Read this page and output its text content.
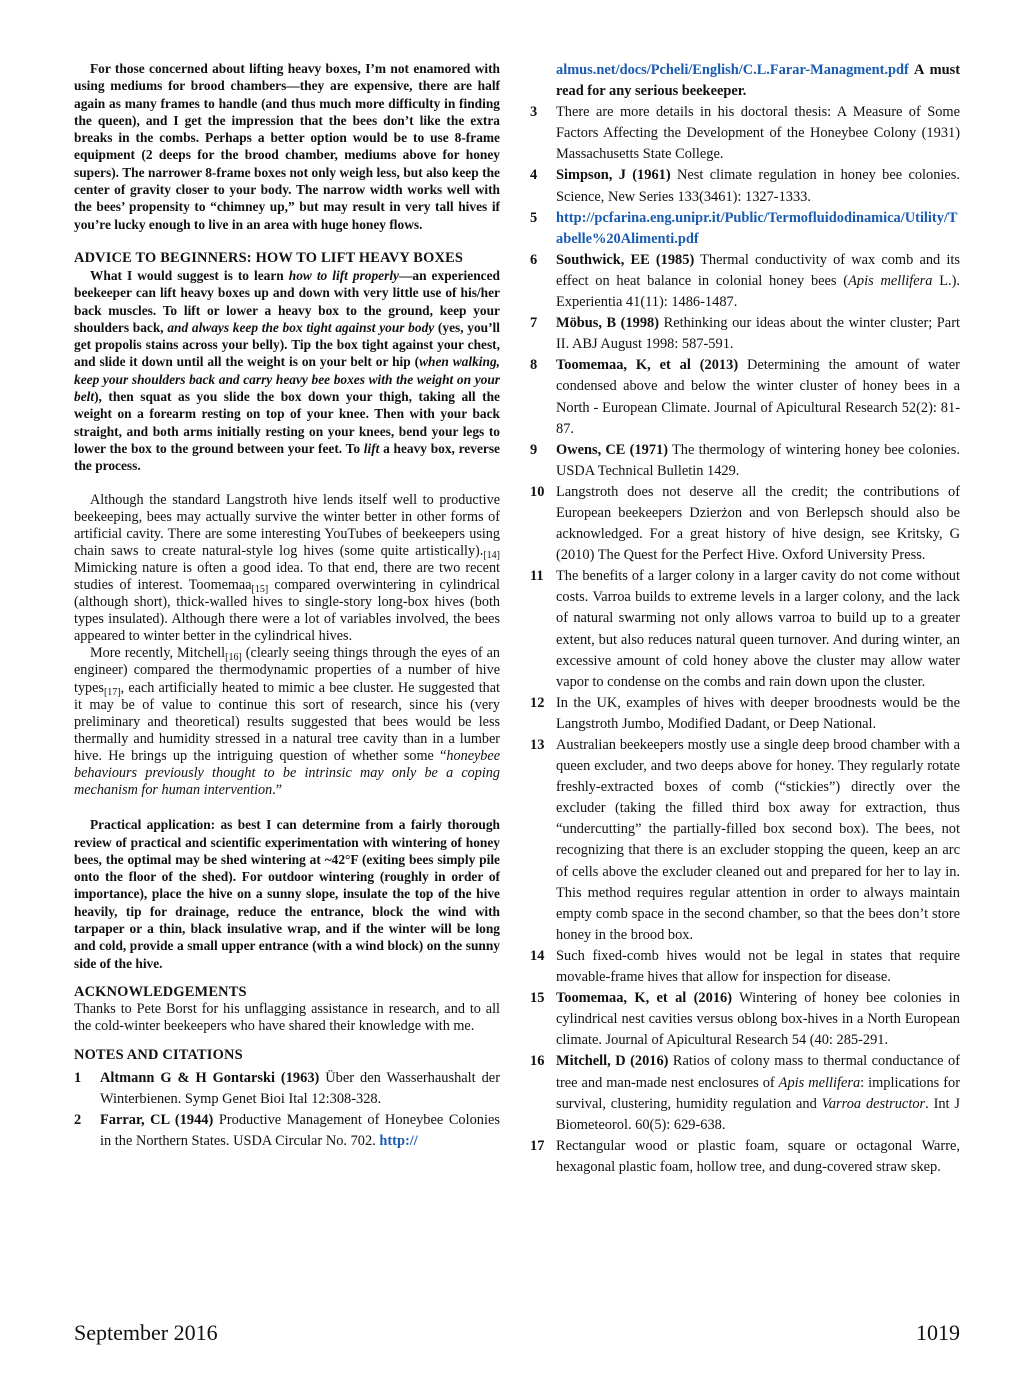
For those concerned about lifting heavy boxes, I’m not enamored with using mediums for brood chambers—they are expensive, there are half again as many frames to handle (and thus much more difficulty in finding the queen), and I get the impression that the bees don’t like the extra breaks in the combs. Perhaps a better option would be to use 8-frame equipment (2 deeps for the brood chamber, mediums above for honey supers). The narrower 8-frame boxes not only weigh less, but also keep the center of gravity closer to your body. The narrow width works well with the bees’ propensity to “chimney up,” but may result in very tall hives if you’re lucky enough to live in an area with huge honey flows.

ADVICE TO BEGINNERS: HOW TO LIFT HEAVY BOXES

What I would suggest is to learn how to lift properly—an experienced beekeeper can lift heavy boxes up and down with very little use of his/her back muscles. To lift or lower a heavy box to the ground, keep your shoulders back, and always keep the box tight against your body (yes, you’ll get propolis stains across your belly). Tip the box tight against your chest, and slide it down until all the weight is on your belt or hip (when walking, keep your shoulders back and carry heavy bee boxes with the weight on your belt), then squat as you slide the box down your thigh, taking all the weight on a forearm resting on top of your knee. Then with your back straight, and both arms initially resting on your knees, bend your legs to lower the box to the ground between your feet. To lift a heavy box, reverse the process.

Although the standard Langstroth hive lends itself well to productive beekeeping, bees may actually survive the winter better in other forms of artificial cavity. There are some interesting YouTubes of beekeepers using chain saws to create natural-style log hives (some quite $artistically)._{[14]}$ Mimicking nature is often a good idea. To that end, there are two recent studies of interest. Toomemaa$_{[15]}$ compared overwintering in cylindrical (although short), thick-walled hives to single-story long-box hives (both types insulated). Although there were a lot of variables involved, the bees appeared to winter better in the cylindrical hives.

More recently, Mitchell$_{[16]}$ (clearly seeing things through the eyes of an engineer) compared the thermodynamic properties of a number of hive types$_{[17]}$, each artificially heated to mimic a bee cluster. He suggested that it may be of value to continue this sort of research, since his (very preliminary and theoretical) results suggested that bees would be less thermally and humidity stressed in a natural tree cavity than in a lumber hive. He brings up the intriguing question of whether some “honeybee behaviours previously thought to be intrinsic may only be a coping mechanism for human intervention.”

Practical application: as best I can determine from a fairly thorough review of practical and scientific experimentation with wintering of honey bees, the optimal may be shed wintering at ~42°F (exiting bees simply pile onto the floor of the shed). For outdoor wintering (roughly in order of importance), place the hive on a sunny slope, insulate the top of the hive heavily, tip for drainage, reduce the entrance, block the wind with tarpaper or a thin, black insulative wrap, and if the winter will be long and cold, provide a small upper entrance (with a wind block) on the sunny side of the hive.

ACKNOWLEDGEMENTS

Thanks to Pete Borst for his unflagging assistance in research, and to all the cold-winter beekeepers who have shared their knowledge with me.

NOTES AND CITATIONS

1	Altmann G & H Gontarski (1963) Über den Wasserhaushalt der Winterbienen. Symp Genet Bioi Ital 12:308-328.
2	Farrar, CL (1944) Productive Management of Honeybee Colonies in the Northern States. USDA Circular No. 702. http://
almus.net/docs/Pcheli/English/C.L.Farar-Managment.pdf A must read for any serious beekeeper.
3	There are more details in his doctoral thesis: A Measure of Some Factors Affecting the Development of the Honeybee Colony (1931) Massachusetts State College.
4	Simpson, J (1961) Nest climate regulation in honey bee colonies. Science, New Series 133(3461): 1327-1333.
5	http://pcfarina.eng.unipr.it/Public/Termofluidodinamica/Utility/Tabelle%20Alimenti.pdf
6	Southwick, EE (1985) Thermal conductivity of wax comb and its effect on heat balance in colonial honey bees (Apis mellifera L.). Experientia 41(11): 1486-1487.
7	Möbus, B (1998) Rethinking our ideas about the winter cluster; Part II. ABJ August 1998: 587-591.
8	Toomemaa, K, et al (2013) Determining the amount of water condensed above and below the winter cluster of honey bees in a North - European Climate. Journal of Apicultural Research 52(2): 81-87.
9	Owens, CE (1971) The thermology of wintering honey bee colonies. USDA Technical Bulletin 1429.
10 Langstroth does not deserve all the credit; the contributions of European beekeepers Dzierżon and von Berlepsch should also be acknowledged. For a great history of hive design, see Kritsky, G (2010) The Quest for the Perfect Hive. Oxford University Press.
11 The benefits of a larger colony in a larger cavity do not come without costs. Varroa builds to extreme levels in a larger colony, and the lack of natural swarming not only allows varroa to build up to a greater extent, but also reduces natural queen turnover. And during winter, an excessive amount of cold honey above the cluster may allow water vapor to condense on the combs and rain down upon the cluster.
12 In the UK, examples of hives with deeper broodnests would be the Langstroth Jumbo, Modified Dadant, or Deep National.
13 Australian beekeepers mostly use a single deep brood chamber with a queen excluder, and two deeps above for honey. They regularly rotate freshly-extracted boxes of comb (“stickies”) directly over the excluder (taking the filled third box away for extraction, thus “undercutting” the partially-filled box second box). The bees, not recognizing that there is an excluder stopping the queen, keep an arc of cells above the excluder cleaned out and prepared for her to lay in. This method requires regular attention in order to always maintain empty comb space in the second chamber, so that the bees don’t store honey in the brood box.
14 Such fixed-comb hives would not be legal in states that require movable-frame hives that allow for inspection for disease.
15 Toomemaa, K, et al (2016) Wintering of honey bee colonies in cylindrical nest cavities versus oblong box-hives in a North European climate. Journal of Apicultural Research 54 (40: 285-291.
16 Mitchell, D (2016) Ratios of colony mass to thermal conductance of tree and man-made nest enclosures of Apis mellifera: implications for survival, clustering, humidity regulation and Varroa destructor. Int J Biometeorol. 60(5): 629-638.
17 Rectangular wood or plastic foam, square or octagonal Warre, hexagonal plastic foam, hollow tree, and dung-covered straw skep.
September 2016	1019
